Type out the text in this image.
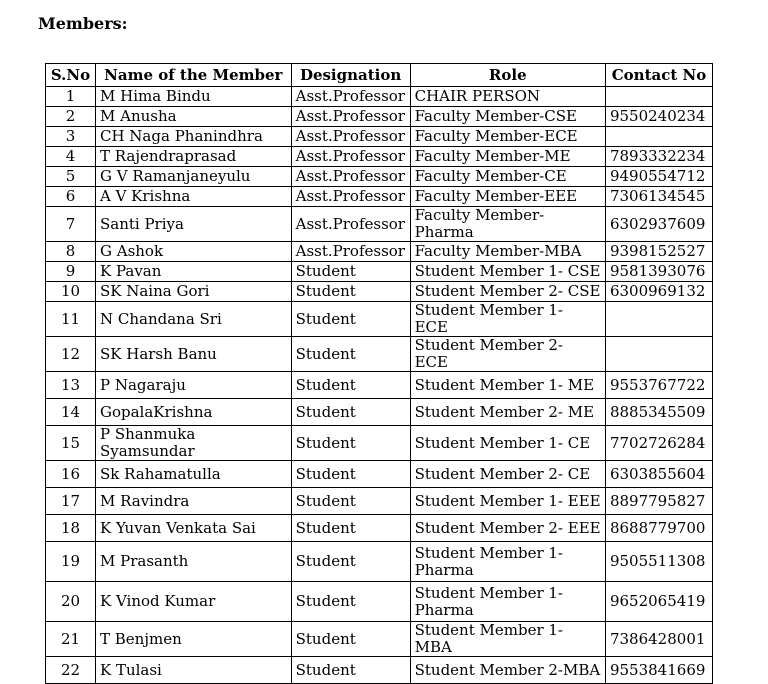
Members:
S.No	Name of the Member	Designation	Role	Contact No
1	M Hima Bindu	Asst.Professor	CHAIR PERSON	
2	M Anusha	Asst.Professor	Faculty Member-CSE	9550240234
3	CH Naga Phanindhra	Asst.Professor	Faculty Member-ECE	
4	T Rajendraprasad	Asst.Professor	Faculty Member-ME	7893332234
5	G V Ramanjaneyulu	Asst.Professor	Faculty Member-CE	9490554712
6	A V Krishna	Asst.Professor	Faculty Member-EEE	7306134545
7	Santi Priya	Asst.Professor	Faculty Member-Pharma	6302937609
8	G Ashok	Asst.Professor	Faculty Member-MBA	9398152527
9	K Pavan	Student	Student Member 1- CSE	9581393076
10	SK Naina Gori	Student	Student Member 2- CSE	6300969132
11	N Chandana Sri	Student	Student Member 1- ECE	
12	SK Harsh Banu	Student	Student Member 2- ECE	
13	P Nagaraju	Student	Student Member 1- ME	9553767722
14	GopalaKrishna	Student	Student Member 2- ME	8885345509
15	P Shanmuka Syamsundar	Student	Student Member 1- CE	7702726284
16	Sk Rahamatulla	Student	Student Member 2- CE	6303855604
17	M Ravindra	Student	Student Member 1- EEE	8897795827
18	K Yuvan Venkata Sai	Student	Student Member 2- EEE	8688779700
19	M Prasanth	Student	Student Member 1- Pharma	9505511308
20	K Vinod Kumar	Student	Student Member 1- Pharma	9652065419
21	T Benjmen	Student	Student Member 1- MBA	7386428001
22	K Tulasi	Student	Student Member 2-MBA	9553841669
